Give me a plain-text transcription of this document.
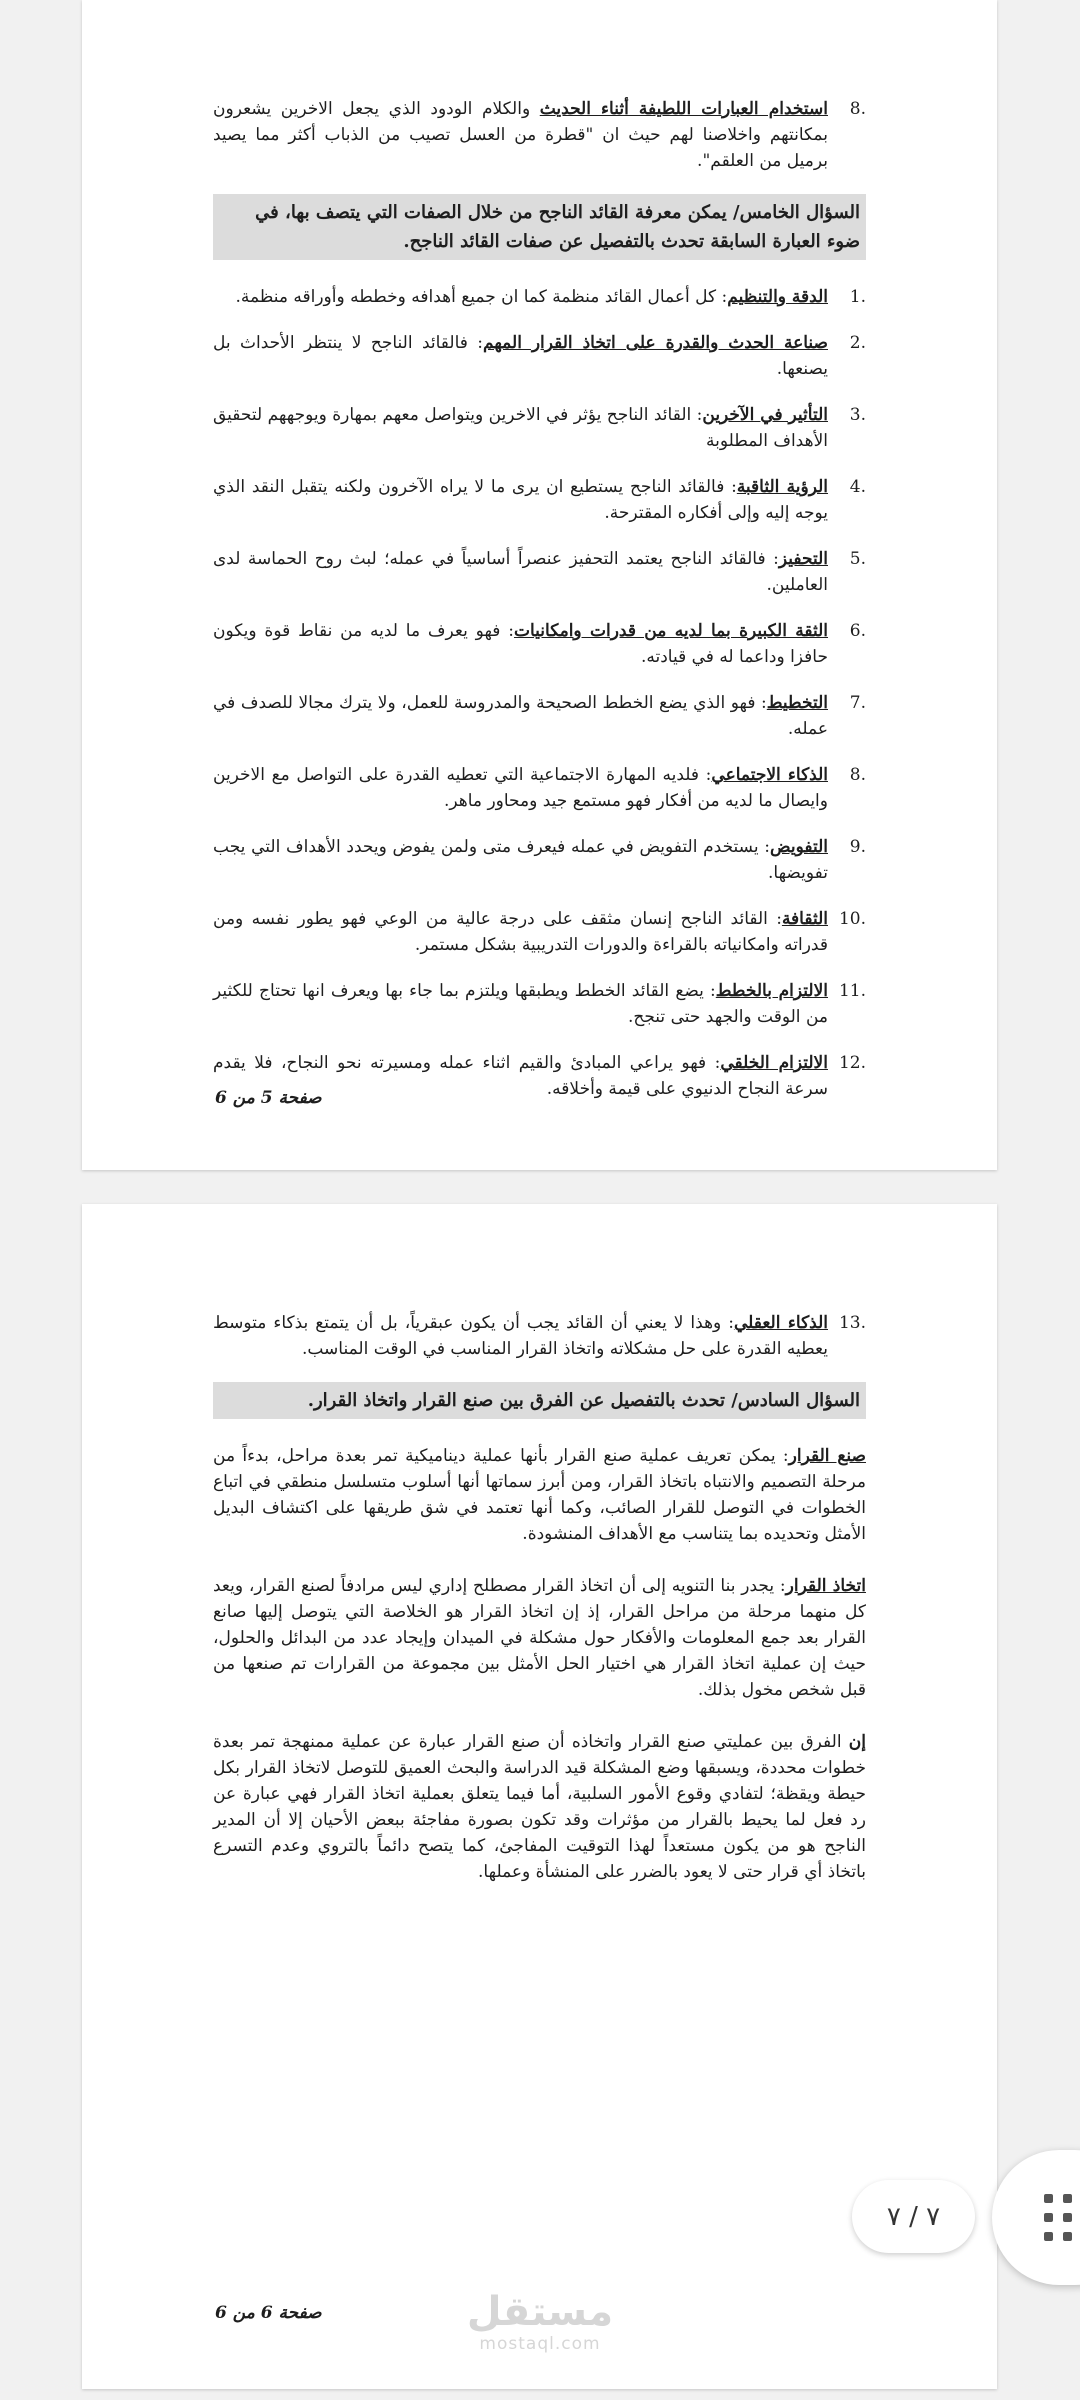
.8
استخدام العبارات اللطيفة أثناء الحديث والكلام الودود الذي يجعل الاخرين يشعرون بمكانتهم واخلاصنا لهم حيث ان "قطرة من العسل تصيب من الذباب أكثر مما يصيد برميل من العلقم".
السؤال الخامس/ يمكن معرفة القائد الناجح من خلال الصفات التي يتصف بها، في ضوء العبارة السابقة تحدث بالتفصيل عن صفات القائد الناجح.
.1
الدقة والتنظيم: كل أعمال القائد منظمة كما ان جميع أهدافه وخططه وأوراقه منظمة.
.2
صناعة الحدث والقدرة على اتخاذ القرار المهم: فالقائد الناجح لا ينتظر الأحداث بل يصنعها.
.3
التأثير في الآخرين: القائد الناجح يؤثر في الاخرين ويتواصل معهم بمهارة ويوجههم لتحقيق الأهداف المطلوبة
.4
الرؤية الثاقبة: فالقائد الناجح يستطيع ان يرى ما لا يراه الآخرون ولكنه يتقبل النقد الذي يوجه إليه وإلى أفكاره المقترحة.
.5
التحفيز: فالقائد الناجح يعتمد التحفيز عنصراً أساسياً في عمله؛ لبث روح الحماسة لدى العاملين.
.6
الثقة الكبيرة بما لديه من قدرات وامكانيات: فهو يعرف ما لديه من نقاط قوة ويكون حافزا وداعما له في قيادته.
.7
التخطيط: فهو الذي يضع الخطط الصحيحة والمدروسة للعمل، ولا يترك مجالا للصدف في عمله.
.8
الذكاء الاجتماعي: فلديه المهارة الاجتماعية التي تعطيه القدرة على التواصل مع الاخرين وايصال ما لديه من أفكار فهو مستمع جيد ومحاور ماهر.
.9
التفويض: يستخدم التفويض في عمله فيعرف متى ولمن يفوض ويحدد الأهداف التي يجب تفويضها.
.10
الثقافة: القائد الناجح إنسان مثقف على درجة عالية من الوعي فهو يطور نفسه ومن قدراته وامكانياته بالقراءة والدورات التدريبية بشكل مستمر.
.11
الالتزام بالخطط: يضع القائد الخطط ويطبقها ويلتزم بما جاء بها ويعرف انها تحتاج للكثير من الوقت والجهد حتى تنجح.
.12
الالتزام الخلقي: فهو يراعي المبادئ والقيم اثناء عمله ومسيرته نحو النجاح، فلا يقدم سرعة النجاح الدنيوي على قيمة وأخلاقه.
صفحة 5 من 6
.13
الذكاء العقلي: وهذا لا يعني أن القائد يجب أن يكون عبقرياً، بل أن يتمتع بذكاء متوسط يعطيه القدرة على حل مشكلاته واتخاذ القرار المناسب في الوقت المناسب.
السؤال السادس/ تحدث بالتفصيل عن الفرق بين صنع القرار واتخاذ القرار.
صنع القرار: يمكن تعريف عملية صنع القرار بأنها عملية ديناميكية تمر بعدة مراحل، بدءاً من مرحلة التصميم والانتباه باتخاذ القرار، ومن أبرز سماتها أنها أسلوب متسلسل منطقي في اتباع الخطوات في التوصل للقرار الصائب، وكما أنها تعتمد في شق طريقها على اكتشاف البديل الأمثل وتحديده بما يتناسب مع الأهداف المنشودة.
اتخاذ القرار: يجدر بنا التنويه إلى أن اتخاذ القرار مصطلح إداري ليس مرادفاً لصنع القرار، ويعد كل منهما مرحلة من مراحل القرار، إذ إن اتخاذ القرار هو الخلاصة التي يتوصل إليها صانع القرار بعد جمع المعلومات والأفكار حول مشكلة في الميدان وإيجاد عدد من البدائل والحلول، حيث إن عملية اتخاذ القرار هي اختيار الحل الأمثل بين مجموعة من القرارات تم صنعها من قبل شخص مخول بذلك.
إن الفرق بين عمليتي صنع القرار واتخاذه أن صنع القرار عبارة عن عملية ممنهجة تمر بعدة خطوات محددة، ويسبقها وضع المشكلة قيد الدراسة والبحث العميق للتوصل لاتخاذ القرار بكل حيطة ويقظة؛ لتفادي وقوع الأمور السلبية، أما فيما يتعلق بعملية اتخاذ القرار فهي عبارة عن رد فعل لما يحيط بالقرار من مؤثرات وقد تكون بصورة مفاجئة ببعض الأحيان إلا أن المدير الناجح هو من يكون مستعداً لهذا التوقيت المفاجئ، كما يتصح دائماً بالتروي وعدم التسرع باتخاذ أي قرار حتى لا يعود بالضرر على المنشأة وعملها.
صفحة 6 من 6	مستقل
mostaql.com
٧ / ٧
